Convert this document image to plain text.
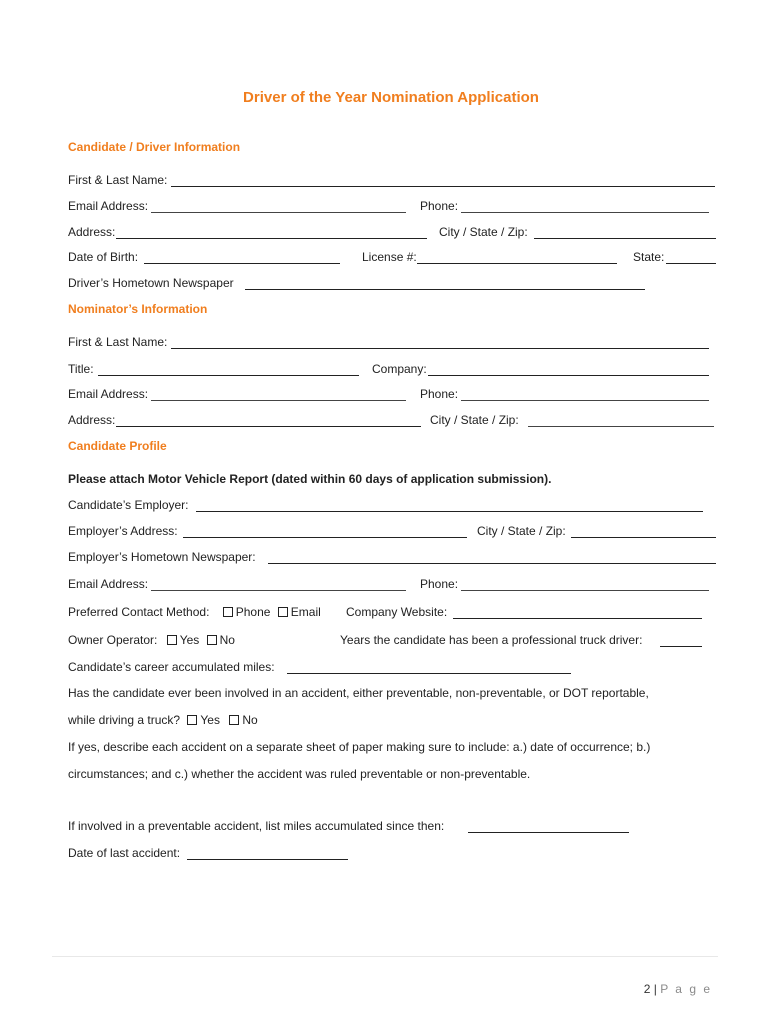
Driver of the Year Nomination Application
Candidate / Driver Information
First & Last Name:
Email Address:	Phone:
Address:	City / State / Zip:
Date of Birth:	License #:	State:
Driver’s Hometown Newspaper
Nominator’s Information
First & Last Name:
Title:	Company:
Email Address:	Phone:
Address:	City / State / Zip:
Candidate Profile
Please attach Motor Vehicle Report (dated within 60 days of application submission).
Candidate’s Employer:
Employer’s Address:	City / State / Zip:
Employer’s Hometown Newspaper:
Email Address:	Phone:
Preferred Contact Method: Phone Email Company Website:
Owner Operator: Yes No	Years the candidate has been a professional truck driver:
Candidate’s career accumulated miles:
Has the candidate ever been involved in an accident, either preventable, non-preventable, or DOT reportable,
while driving a truck? Yes No
If yes, describe each accident on a separate sheet of paper making sure to include: a.) date of occurrence; b.)
circumstances; and c.) whether the accident was ruled preventable or non-preventable.
If involved in a preventable accident, list miles accumulated since then:
Date of last accident:
2 | P a g e
